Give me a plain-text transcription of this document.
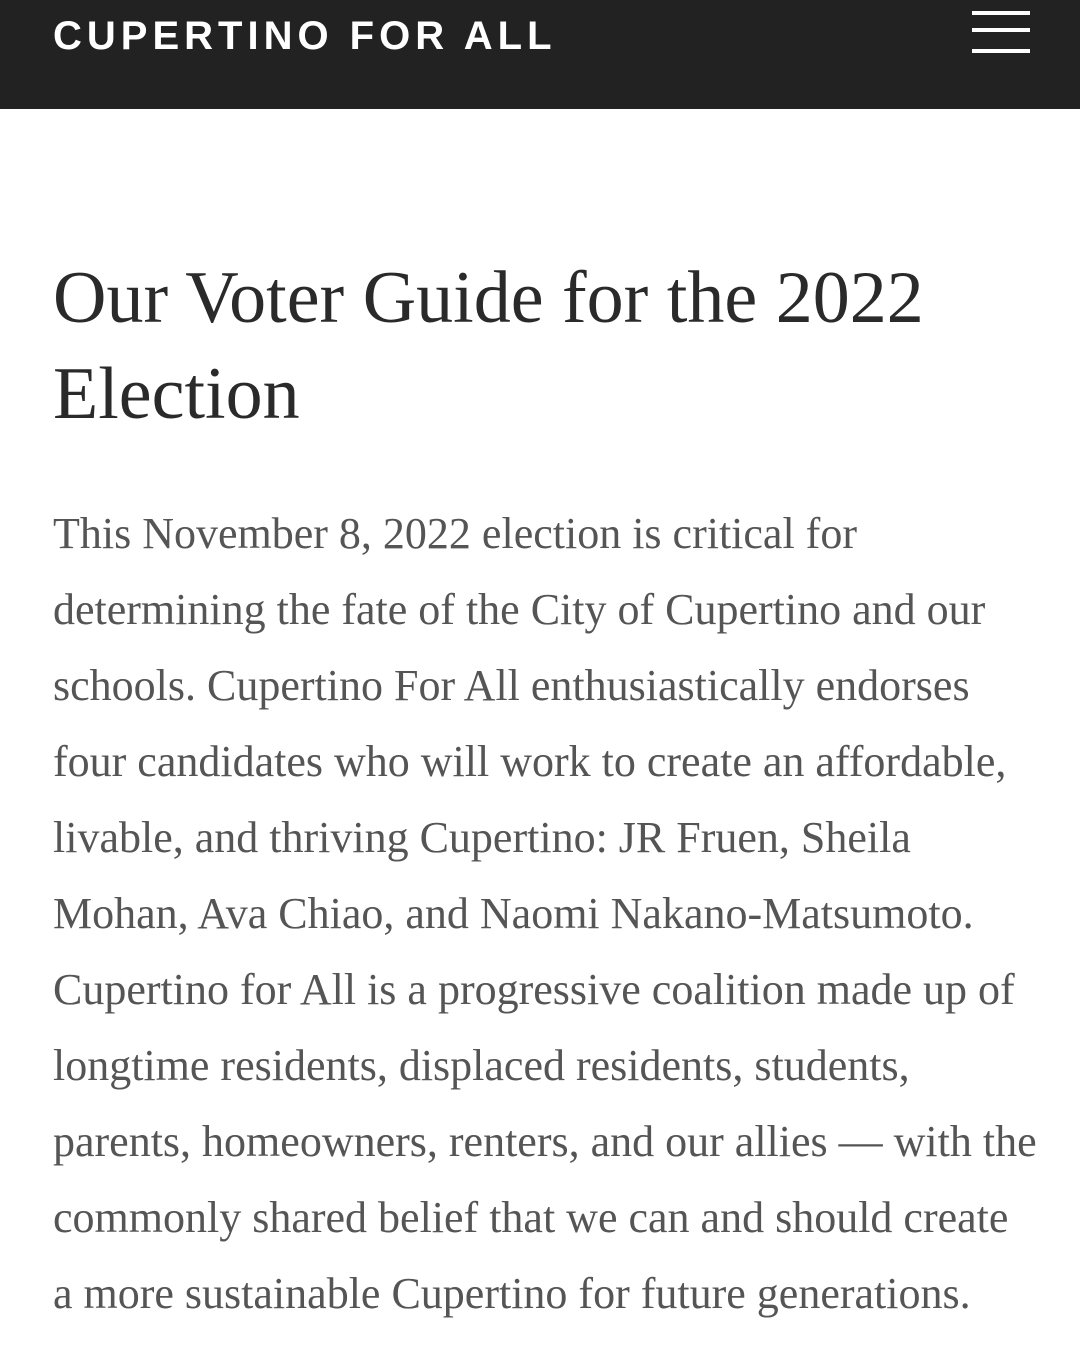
CUPERTINO FOR ALL
Our Voter Guide for the 2022 Election

This November 8, 2022 election is critical for determining the fate of the City of Cupertino and our schools. Cupertino For All enthusiastically endorses four candidates who will work to create an affordable, livable, and thriving Cupertino: JR Fruen, Sheila Mohan, Ava Chiao, and Naomi Nakano-Matsumoto. Cupertino for All is a progressive coalition made up of longtime residents, displaced residents, students, parents, homeowners, renters, and our allies — with the commonly shared belief that we can and should create a more sustainable Cupertino for future generations.
